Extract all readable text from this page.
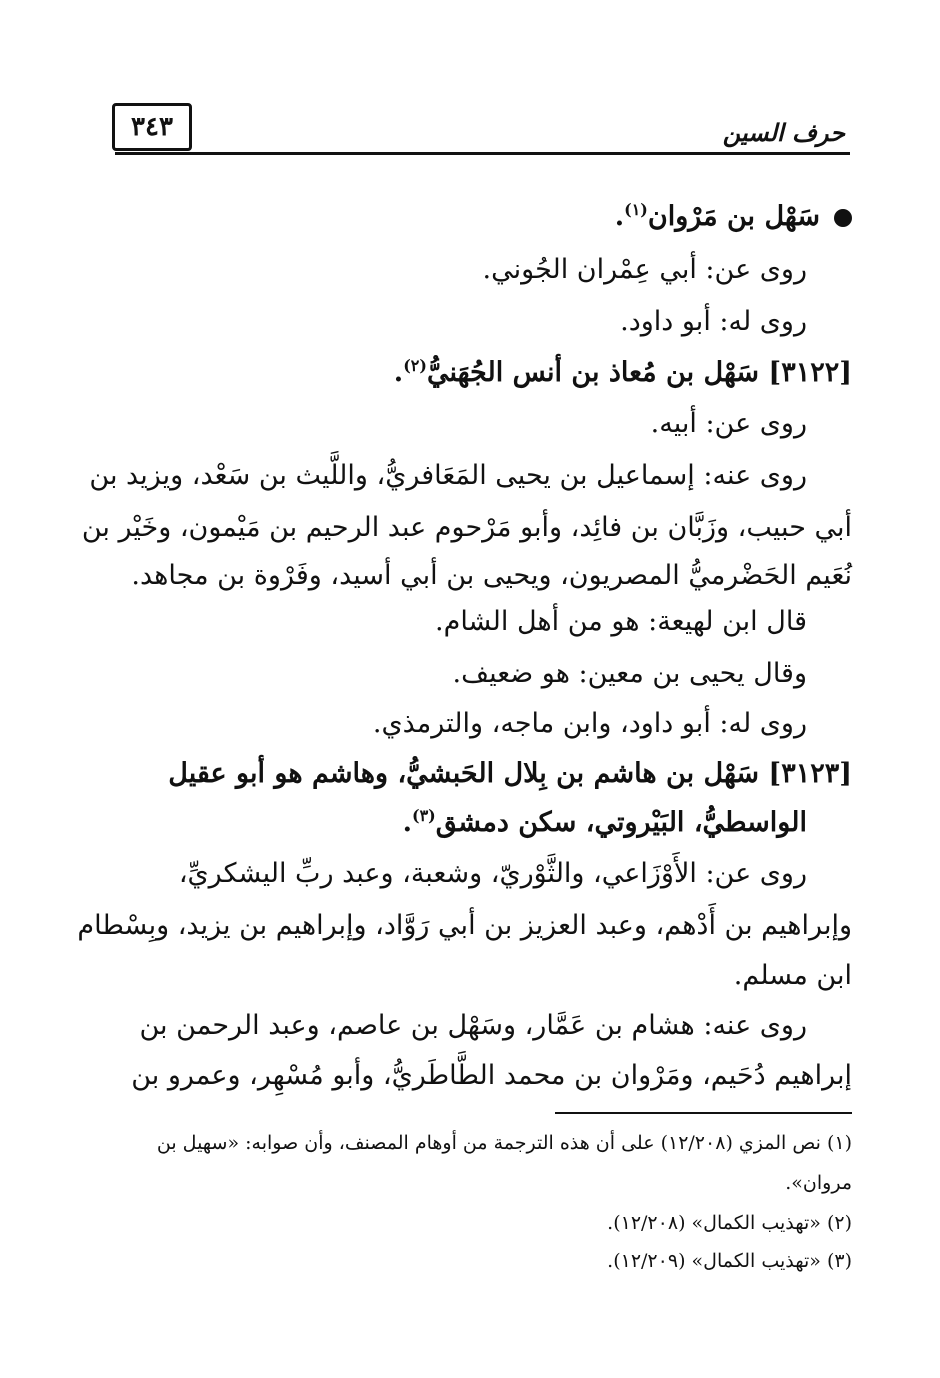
٣٤٣	حرف السين
سَهْل بن مَرْوان$^{(١)}$.
روى عن: أبي عِمْران الجُوني.
روى له: أبو داود.
[٣١٢٢] سَهْل بن مُعاذ بن أنس الجُهَنيُّ$^{(٢)}$.
روى عن: أبيه.
روى عنه: إسماعيل بن يحيى المَعَافريُّ، واللَّيث بن سَعْد، ويزيد بن
أبي حبيب، وزَبَّان بن فائِد، وأبو مَرْحوم عبد الرحيم بن مَيْمون، وخَيْر بن
نُعَيم الحَضْرميُّ المصريون، ويحيى بن أبي أسيد، وفَرْوة بن مجاهد.
قال ابن لهيعة: هو من أهل الشام.
وقال يحيى بن معين: هو ضعيف.
روى له: أبو داود، وابن ماجه، والترمذي.
[٣١٢٣] سَهْل بن هاشم بن بِلال الحَبشيُّ، وهاشم هو أبو عقيل
الواسطيُّ، البَيْروتي، سكن دمشق$^{(٣)}$.
روى عن: الأَوْزَاعي، والثَّوْريّ، وشعبة، وعبد ربِّ اليشكريِّ،
وإبراهيم بن أَدْهم، وعبد العزيز بن أبي رَوَّاد، وإبراهيم بن يزيد، وبِسْطام
ابن مسلم.
روى عنه: هشام بن عَمَّار، وسَهْل بن عاصم، وعبد الرحمن بن
إبراهيم دُحَيم، ومَرْوان بن محمد الطَّاطَريُّ، وأبو مُسْهِر، وعمرو بن
(١) نص المزي (١٢/٢٠٨) على أن هذه الترجمة من أوهام المصنف، وأن صوابه: «سهيل بن
مروان».
(٢) «تهذيب الكمال» (١٢/٢٠٨).
(٣) «تهذيب الكمال» (١٢/٢٠٩).
